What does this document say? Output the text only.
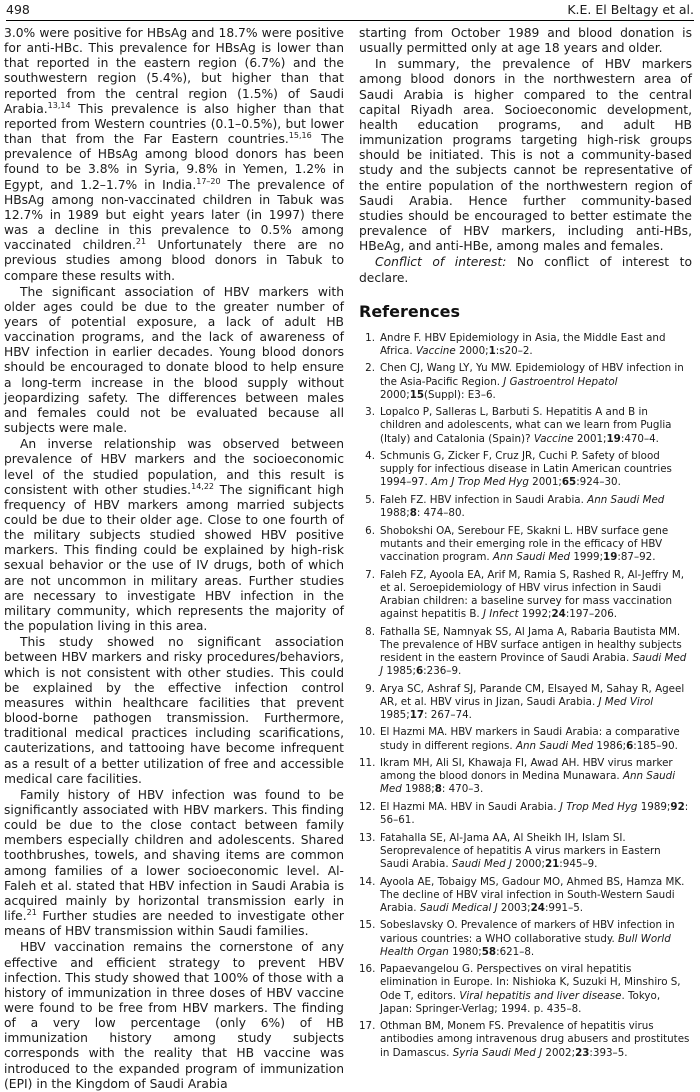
498	K.E. El Beltagy et al.

3.0% were positive for HBsAg and 18.7% were positive for anti-HBc. This prevalence for HBsAg is lower than that reported in the eastern region (6.7%) and the southwestern region (5.4%), but higher than that reported from the central region (1.5%) of Saudi Arabia.$^{13,14}$ This prevalence is also higher than that reported from Western countries (0.1–0.5%), but lower than that from the Far Eastern countries.$^{15,16}$ The prevalence of HBsAg among blood donors has been found to be 3.8% in Syria, 9.8% in Yemen, 1.2% in Egypt, and 1.2–1.7% in India.$^{17-20}$ The prevalence of HBsAg among non-vaccinated children in Tabuk was 12.7% in 1989 but eight years later (in 1997) there was a decline in this prevalence to 0.5% among vaccinated children.$^{21}$ Unfortunately there are no previous studies among blood donors in Tabuk to compare these results with.

The significant association of HBV markers with older ages could be due to the greater number of years of potential exposure, a lack of adult HB vaccination programs, and the lack of awareness of HBV infection in earlier decades. Young blood donors should be encouraged to donate blood to help ensure a long-term increase in the blood supply without jeopardizing safety. The differences between males and females could not be evaluated because all subjects were male.

An inverse relationship was observed between prevalence of HBV markers and the socioeconomic level of the studied population, and this result is consistent with other studies.$^{14,22}$ The significant high frequency of HBV markers among married subjects could be due to their older age. Close to one fourth of the military subjects studied showed HBV positive markers. This finding could be explained by high-risk sexual behavior or the use of IV drugs, both of which are not uncommon in military areas. Further studies are necessary to investigate HBV infection in the military community, which represents the majority of the population living in this area.

This study showed no significant association between HBV markers and risky procedures/behaviors, which is not consistent with other studies. This could be explained by the effective infection control measures within healthcare facilities that prevent blood-borne pathogen transmission. Furthermore, traditional medical practices including scarifications, cauterizations, and tattooing have become infrequent as a result of a better utilization of free and accessible medical care facilities.

Family history of HBV infection was found to be significantly associated with HBV markers. This finding could be due to the close contact between family members especially children and adolescents. Shared toothbrushes, towels, and shaving items are common among families of a lower socioeconomic level. Al-Faleh et al. stated that HBV infection in Saudi Arabia is acquired mainly by horizontal transmission early in life.$^{21}$ Further studies are needed to investigate other means of HBV transmission within Saudi families.

HBV vaccination remains the cornerstone of any effective and efficient strategy to prevent HBV infection. This study showed that 100% of those with a history of immunization in three doses of HBV vaccine were found to be free from HBV markers. The finding of a very low percentage (only 6%) of HB immunization history among study subjects corresponds with the reality that HB vaccine was introduced to the expanded program of immunization (EPI) in the Kingdom of Saudi Arabia

starting from October 1989 and blood donation is usually permitted only at age 18 years and older.

In summary, the prevalence of HBV markers among blood donors in the northwestern area of Saudi Arabia is higher compared to the central capital Riyadh area. Socioeconomic development, health education programs, and adult HB immunization programs targeting high-risk groups should be initiated. This is not a community-based study and the subjects cannot be representative of the entire population of the northwestern region of Saudi Arabia. Hence further community-based studies should be encouraged to better estimate the prevalence of HBV markers, including anti-HBs, HBeAg, and anti-HBe, among males and females.

Conflict of interest: No conflict of interest to declare.

References
1. Andre F. HBV Epidemiology in Asia, the Middle East and Africa. Vaccine 2000;1:s20–2.
2. Chen CJ, Wang LY, Yu MW. Epidemiology of HBV infection in the Asia-Pacific Region. J Gastroentrol Hepatol 2000;15(Suppl): E3–6.
3. Lopalco P, Salleras L, Barbuti S. Hepatitis A and B in children and adolescents, what can we learn from Puglia (Italy) and Catalonia (Spain)? Vaccine 2001;19:470–4.
4. Schmunis G, Zicker F, Cruz JR, Cuchi P. Safety of blood supply for infectious disease in Latin American countries 1994–97. Am J Trop Med Hyg 2001;65:924–30.
5. Faleh FZ. HBV infection in Saudi Arabia. Ann Saudi Med 1988;8: 474–80.
6. Shobokshi OA, Serebour FE, Skakni L. HBV surface gene mutants and their emerging role in the efficacy of HBV vaccination program. Ann Saudi Med 1999;19:87–92.
7. Faleh FZ, Ayoola EA, Arif M, Ramia S, Rashed R, Al-Jeffry M, et al. Seroepidemiology of HBV virus infection in Saudi Arabian children: a baseline survey for mass vaccination against hepatitis B. J Infect 1992;24:197–206.
8. Fathalla SE, Namnyak SS, Al Jama A, Rabaria Bautista MM. The prevalence of HBV surface antigen in healthy subjects resident in the eastern Province of Saudi Arabia. Saudi Med J 1985;6:236–9.
9. Arya SC, Ashraf SJ, Parande CM, Elsayed M, Sahay R, Ageel AR, et al. HBV virus in Jizan, Saudi Arabia. J Med Virol 1985;17: 267–74.
10. El Hazmi MA. HBV markers in Saudi Arabia: a comparative study in different regions. Ann Saudi Med 1986;6:185–90.
11. Ikram MH, Ali SI, Khawaja FI, Awad AH. HBV virus marker among the blood donors in Medina Munawara. Ann Saudi Med 1988;8: 470–3.
12. El Hazmi MA. HBV in Saudi Arabia. J Trop Med Hyg 1989;92: 56–61.
13. Fatahalla SE, Al-Jama AA, Al Sheikh IH, Islam SI. Seroprevalence of hepatitis A virus markers in Eastern Saudi Arabia. Saudi Med J 2000;21:945–9.
14. Ayoola AE, Tobaigy MS, Gadour MO, Ahmed BS, Hamza MK. The decline of HBV viral infection in South-Western Saudi Arabia. Saudi Medical J 2003;24:991–5.
15. Sobeslavsky O. Prevalence of markers of HBV infection in various countries: a WHO collaborative study. Bull World Health Organ 1980;58:621–8.
16. Papaevangelou G. Perspectives on viral hepatitis elimination in Europe. In: Nishioka K, Suzuki H, Minshiro S, Ode T, editors. Viral hepatitis and liver disease. Tokyo, Japan: Springer-Verlag; 1994. p. 435–8.
17. Othman BM, Monem FS. Prevalence of hepatitis virus antibodies among intravenous drug abusers and prostitutes in Damascus. Syria Saudi Med J 2002;23:393–5.
